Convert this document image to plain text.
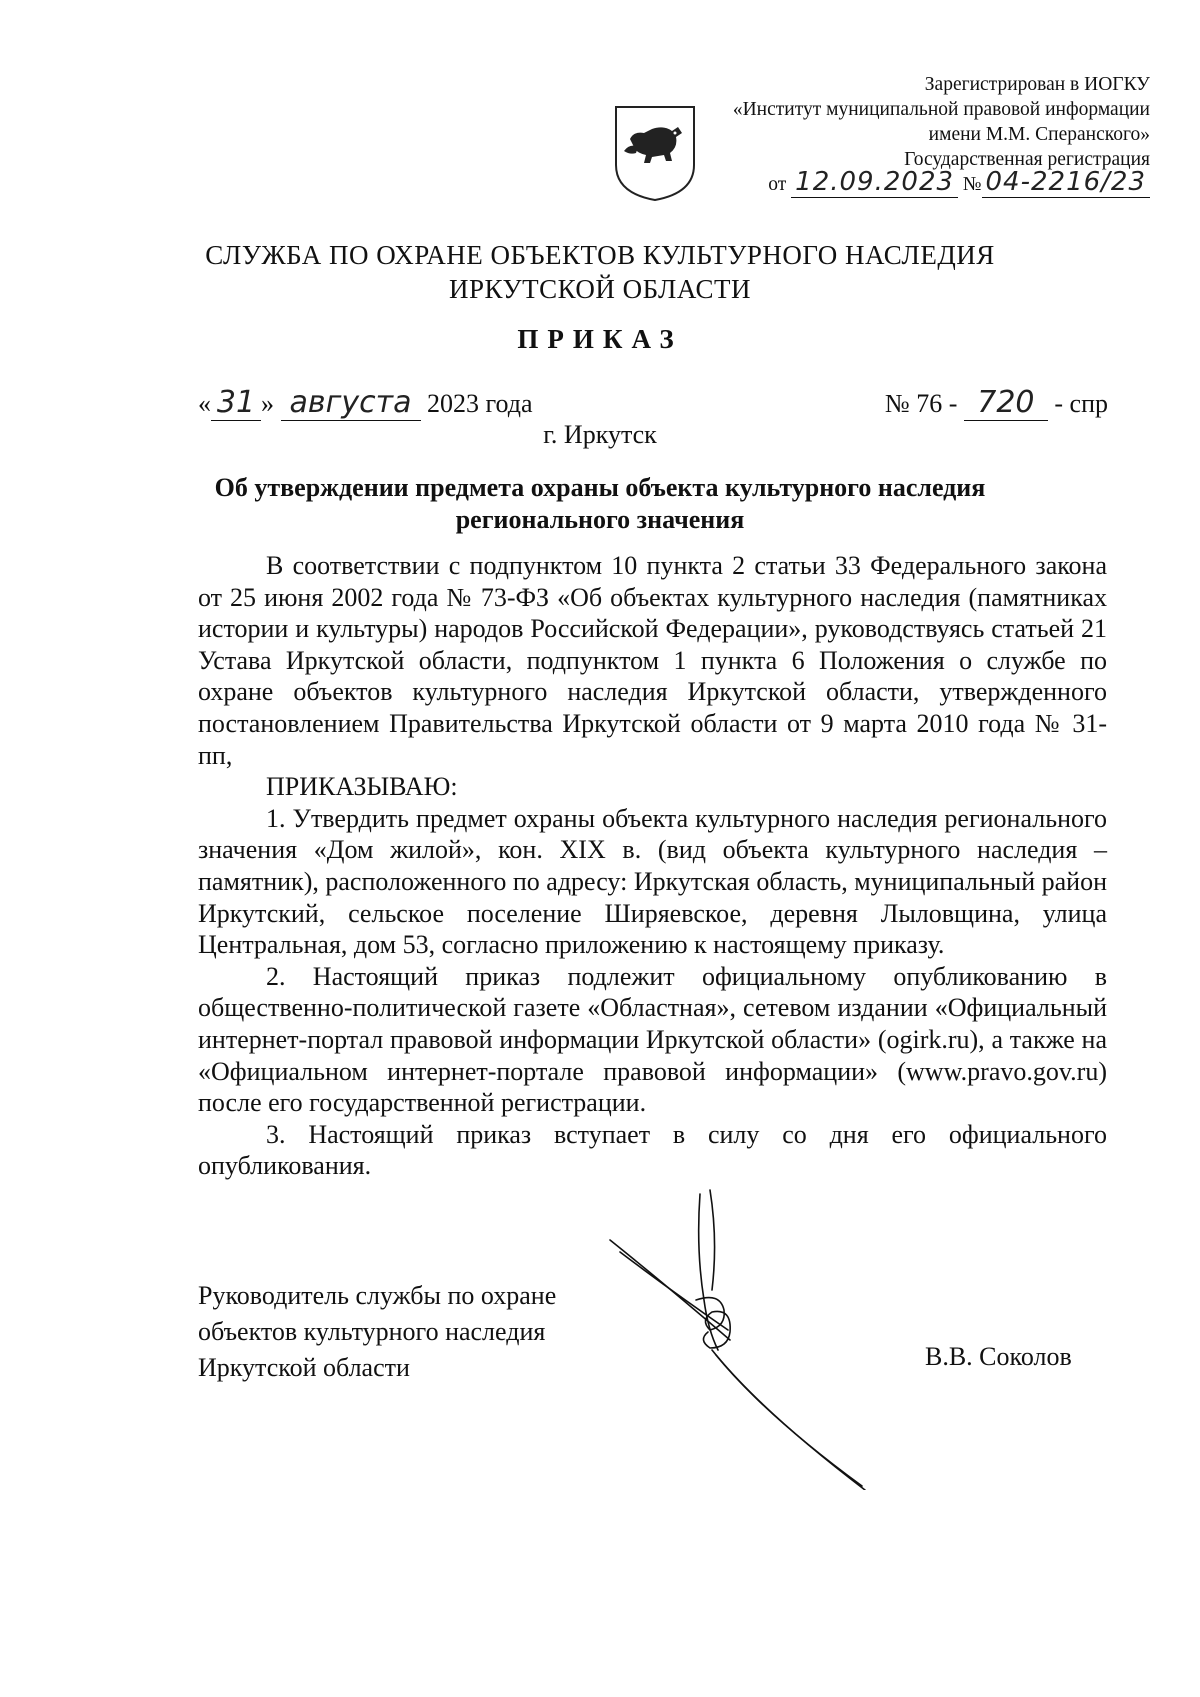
Зарегистрирован в ИОГКУ
«Институт муниципальной правовой информации
имени М.М. Сперанского»
Государственная регистрация
от 12.09.2023 № 04-2216/23
СЛУЖБА ПО ОХРАНЕ ОБЪЕКТОВ КУЛЬТУРНОГО НАСЛЕДИЯ
ИРКУТСКОЙ ОБЛАСТИ
ПРИКАЗ
« 31 » августа 2023 года	№ 76 - 720 - спр
г. Иркутск
Об утверждении предмета охраны объекта культурного наследия
регионального значения

В соответствии с подпунктом 10 пункта 2 статьи 33 Федерального закона от 25 июня 2002 года № 73-ФЗ «Об объектах культурного наследия (памятниках истории и культуры) народов Российской Федерации», руководствуясь статьей 21 Устава Иркутской области, подпунктом 1 пункта 6 Положения о службе по охране объектов культурного наследия Иркутской области, утвержденного постановлением Правительства Иркутской области от 9 марта 2010 года № 31-пп,

ПРИКАЗЫВАЮ:

1. Утвердить предмет охраны объекта культурного наследия регионального значения «Дом жилой», кон. XIX в. (вид объекта культурного наследия – памятник), расположенного по адресу: Иркутская область, муниципальный район Иркутский, сельское поселение Ширяевское, деревня Лыловщина, улица Центральная, дом 53, согласно приложению к настоящему приказу.

2. Настоящий приказ подлежит официальному опубликованию в общественно-политической газете «Областная», сетевом издании «Официальный интернет-портал правовой информации Иркутской области» (ogirk.ru), а также на «Официальном интернет-портале правовой информации» (www.pravo.gov.ru) после его государственной регистрации.

3. Настоящий приказ вступает в силу со дня его официального опубликования.

Руководитель службы по охране
объектов культурного наследия
Иркутской области	В.В. Соколов
